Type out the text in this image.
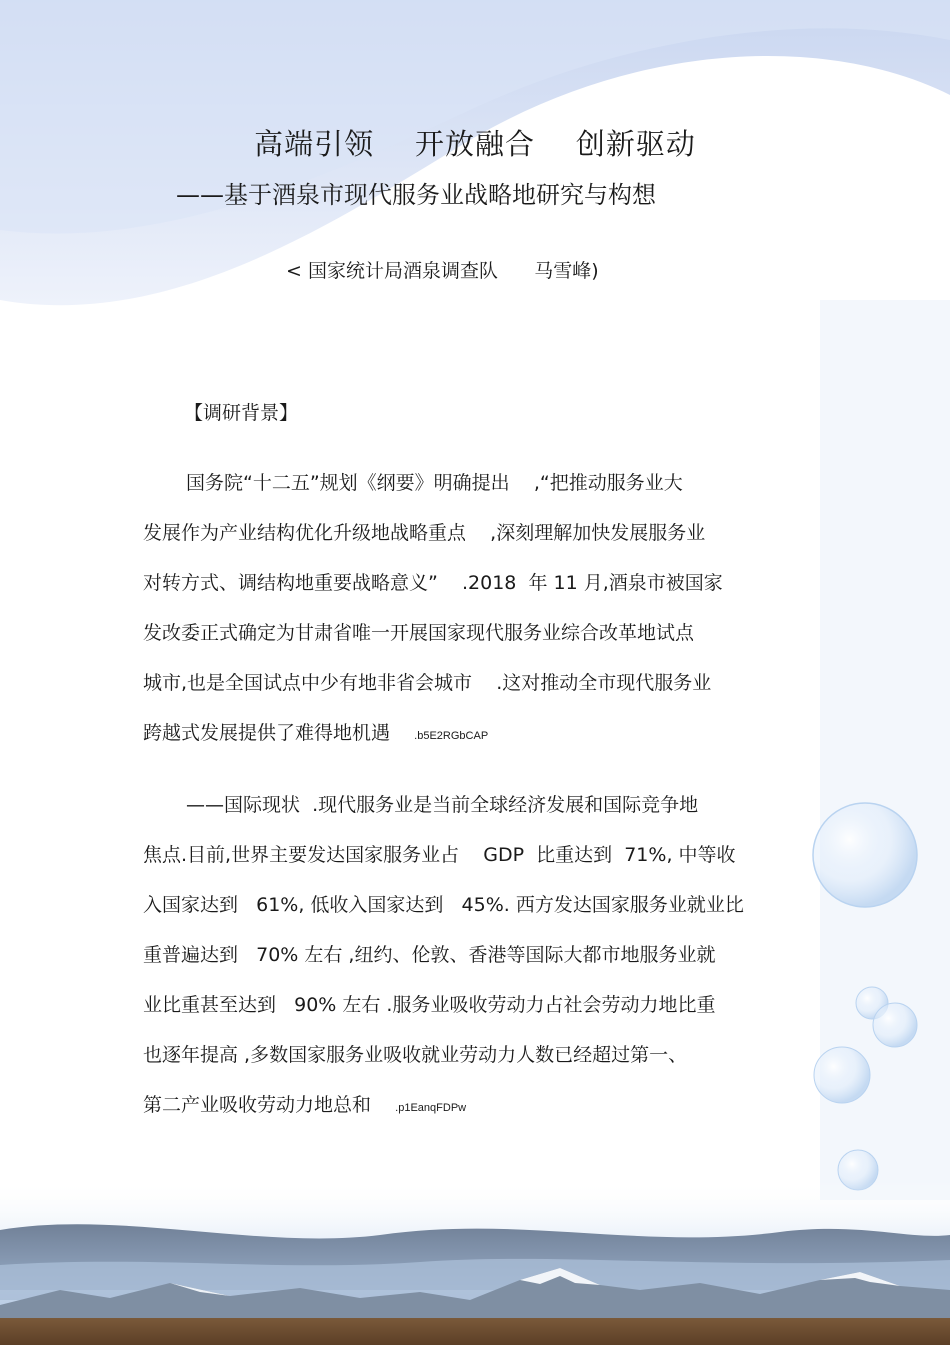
高端引领    开放融合    创新驱动
——基于酒泉市现代服务业战略地研究与构想
< 国家统计局酒泉调查队      马雪峰)
【调研背景】
国务院“十二五”规划《纲要》明确提出    ,“把推动服务业大
发展作为产业结构优化升级地战略重点    ,深刻理解加快发展服务业
对转方式、调结构地重要战略意义”    .2018  年 11 月,酒泉市被国家
发改委正式确定为甘肃省唯一开展国家现代服务业综合改革地试点
城市,也是全国试点中少有地非省会城市    .这对推动全市现代服务业
跨越式发展提供了难得地机遇    .b5E2RGbCAP
——国际现状  .现代服务业是当前全球经济发展和国际竞争地
焦点.目前,世界主要发达国家服务业占    GDP  比重达到  71%, 中等收
入国家达到   61%, 低收入国家达到   45%. 西方发达国家服务业就业比
重普遍达到   70% 左右 ,纽约、伦敦、香港等国际大都市地服务业就
业比重甚至达到   90% 左右 .服务业吸收劳动力占社会劳动力地比重
也逐年提高 ,多数国家服务业吸收就业劳动力人数已经超过第一、
第二产业吸收劳动力地总和    .p1EanqFDPw
